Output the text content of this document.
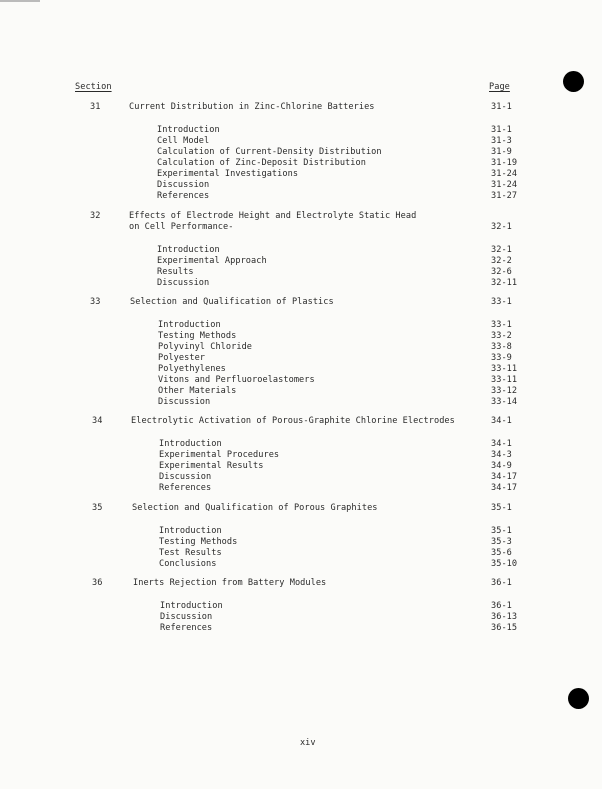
Section	Page
31	Current Distribution in Zinc-Chlorine Batteries	31-1
Introduction	31-1
Cell Model	31-3
Calculation of Current-Density Distribution	31-9
Calculation of Zinc-Deposit Distribution	31-19
Experimental Investigations	31-24
Discussion	31-24
References	31-27
32	Effects of Electrode Height and Electrolyte Static Head
on Cell Performance-	32-1
Introduction	32-1
Experimental Approach	32-2
Results	32-6
Discussion	32-11
33	Selection and Qualification of Plastics	33-1
Introduction	33-1
Testing Methods	33-2
Polyvinyl Chloride	33-8
Polyester	33-9
Polyethylenes	33-11
Vitons and Perfluoroelastomers	33-11
Other Materials	33-12
Discussion	33-14
34	Electrolytic Activation of Porous-Graphite Chlorine Electrodes	34-1
Introduction	34-1
Experimental Procedures	34-3
Experimental Results	34-9
Discussion	34-17
References	34-17
35	Selection and Qualification of Porous Graphites	35-1
Introduction	35-1
Testing Methods	35-3
Test Results	35-6
Conclusions	35-10
36	Inerts Rejection from Battery Modules	36-1
Introduction	36-1
Discussion	36-13
References	36-15
xiv
